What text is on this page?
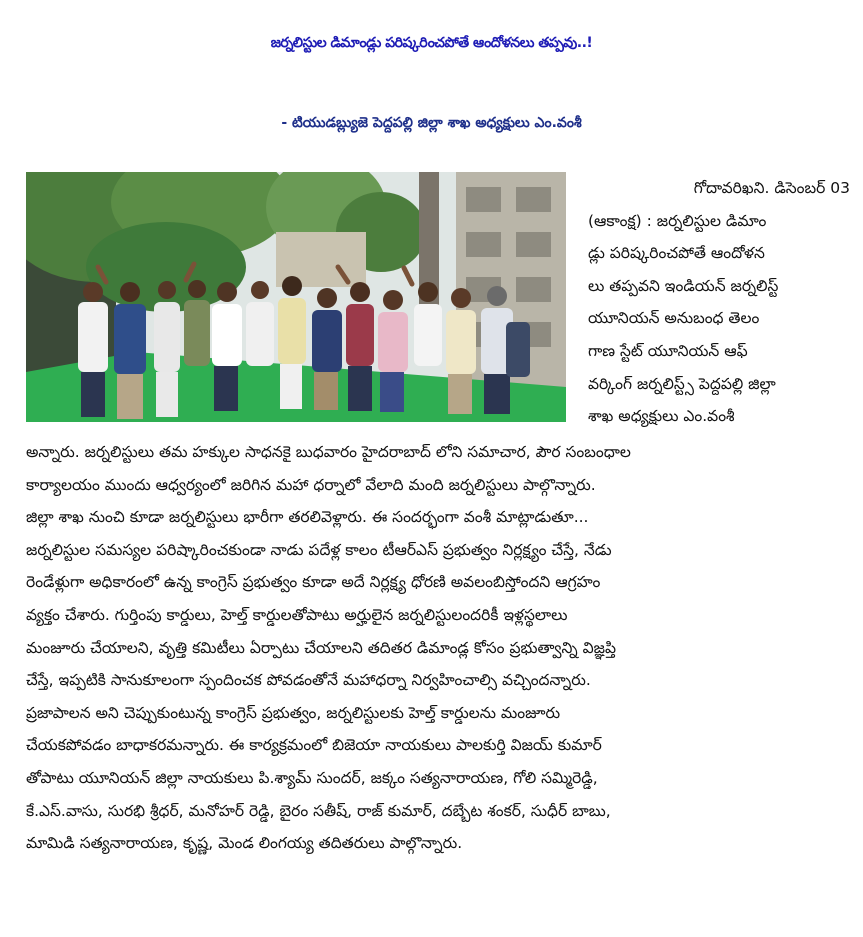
జర్నలిస్టుల డిమాండ్లు పరిష్కరించపోతే ఆందోళనలు తప్పవు..!
- టియుడబ్ల్యుజె పెద్దపల్లి జిల్లా శాఖ అధ్యక్షులు ఎం.వంశీ
గోదావరిఖని. డిసెంబర్ 03
(ఆకాంక్ష) : జర్నలిస్టుల డిమాం
డ్లు పరిష్కరించపోతే ఆందోళన
లు తప్పవని ఇండియన్ జర్నలిస్ట్
యూనియన్ అనుబంధ తెలం
గాణ స్టేట్ యూనియన్ ఆఫ్
వర్కింగ్ జర్నలిస్ట్స్ పెద్దపల్లి జిల్లా
శాఖ అధ్యక్షులు ఎం.వంశీ
అన్నారు. జర్నలిస్టులు తమ హక్కుల సాధనకై బుధవారం హైదరాబాద్ లోని సమాచార, పౌర సంబంధాల
కార్యాలయం ముందు ఆధ్వర్యంలో జరిగిన మహా ధర్నాలో వేలాది మంది జర్నలిస్టులు పాల్గొన్నారు.
జిల్లా శాఖ నుంచి కూడా జర్నలిస్టులు భారీగా తరలివెళ్లారు. ఈ సందర్భంగా వంశీ మాట్లాడుతూ...
జర్నలిస్టుల సమస్యల పరిష్కారించకుండా నాడు పదేళ్ల కాలం టీఆర్ఎస్ ప్రభుత్వం నిర్లక్ష్యం చేస్తే, నేడు
రెండేళ్లుగా అధికారంలో ఉన్న కాంగ్రెస్ ప్రభుత్వం కూడా అదే నిర్లక్ష్య ధోరణి అవలంబిస్తోందని ఆగ్రహం
వ్యక్తం చేశారు. గుర్తింపు కార్డులు, హెల్త్ కార్డులతోపాటు అర్హులైన జర్నలిస్టులందరికీ ఇళ్లస్థలాలు
మంజూరు చేయాలని, వృత్తి కమిటీలు ఏర్పాటు చేయాలని తదితర డిమాండ్ల కోసం ప్రభుత్వాన్ని విజ్ఞప్తి
చేస్తే, ఇప్పటికి సానుకూలంగా స్పందించక పోవడంతోనే మహాధర్నా నిర్వహించాల్సి వచ్చిందన్నారు.
ప్రజాపాలన అని చెప్పుకుంటున్న కాంగ్రెస్ ప్రభుత్వం, జర్నలిస్టులకు హెల్త్ కార్డులను మంజూరు
చేయకపోవడం బాధాకరమన్నారు. ఈ కార్యక్రమంలో బిజెయా నాయకులు పాలకుర్తి విజయ్ కుమార్
తోపాటు యూనియన్ జిల్లా నాయకులు పి.శ్యామ్ సుందర్, జక్కం సత్యనారాయణ, గోలి సమ్మిరెడ్డి,
కే.ఎస్.వాసు, సురభి శ్రీధర్, మనోహర్ రెడ్డి, బైరం సతీష్, రాజ్ కుమార్, దబ్బేట శంకర్, సుధీర్ బాబు,
మామిడి సత్యనారాయణ, కృష్ణ, మెండ లింగయ్య తదితరులు పాల్గొన్నారు.
